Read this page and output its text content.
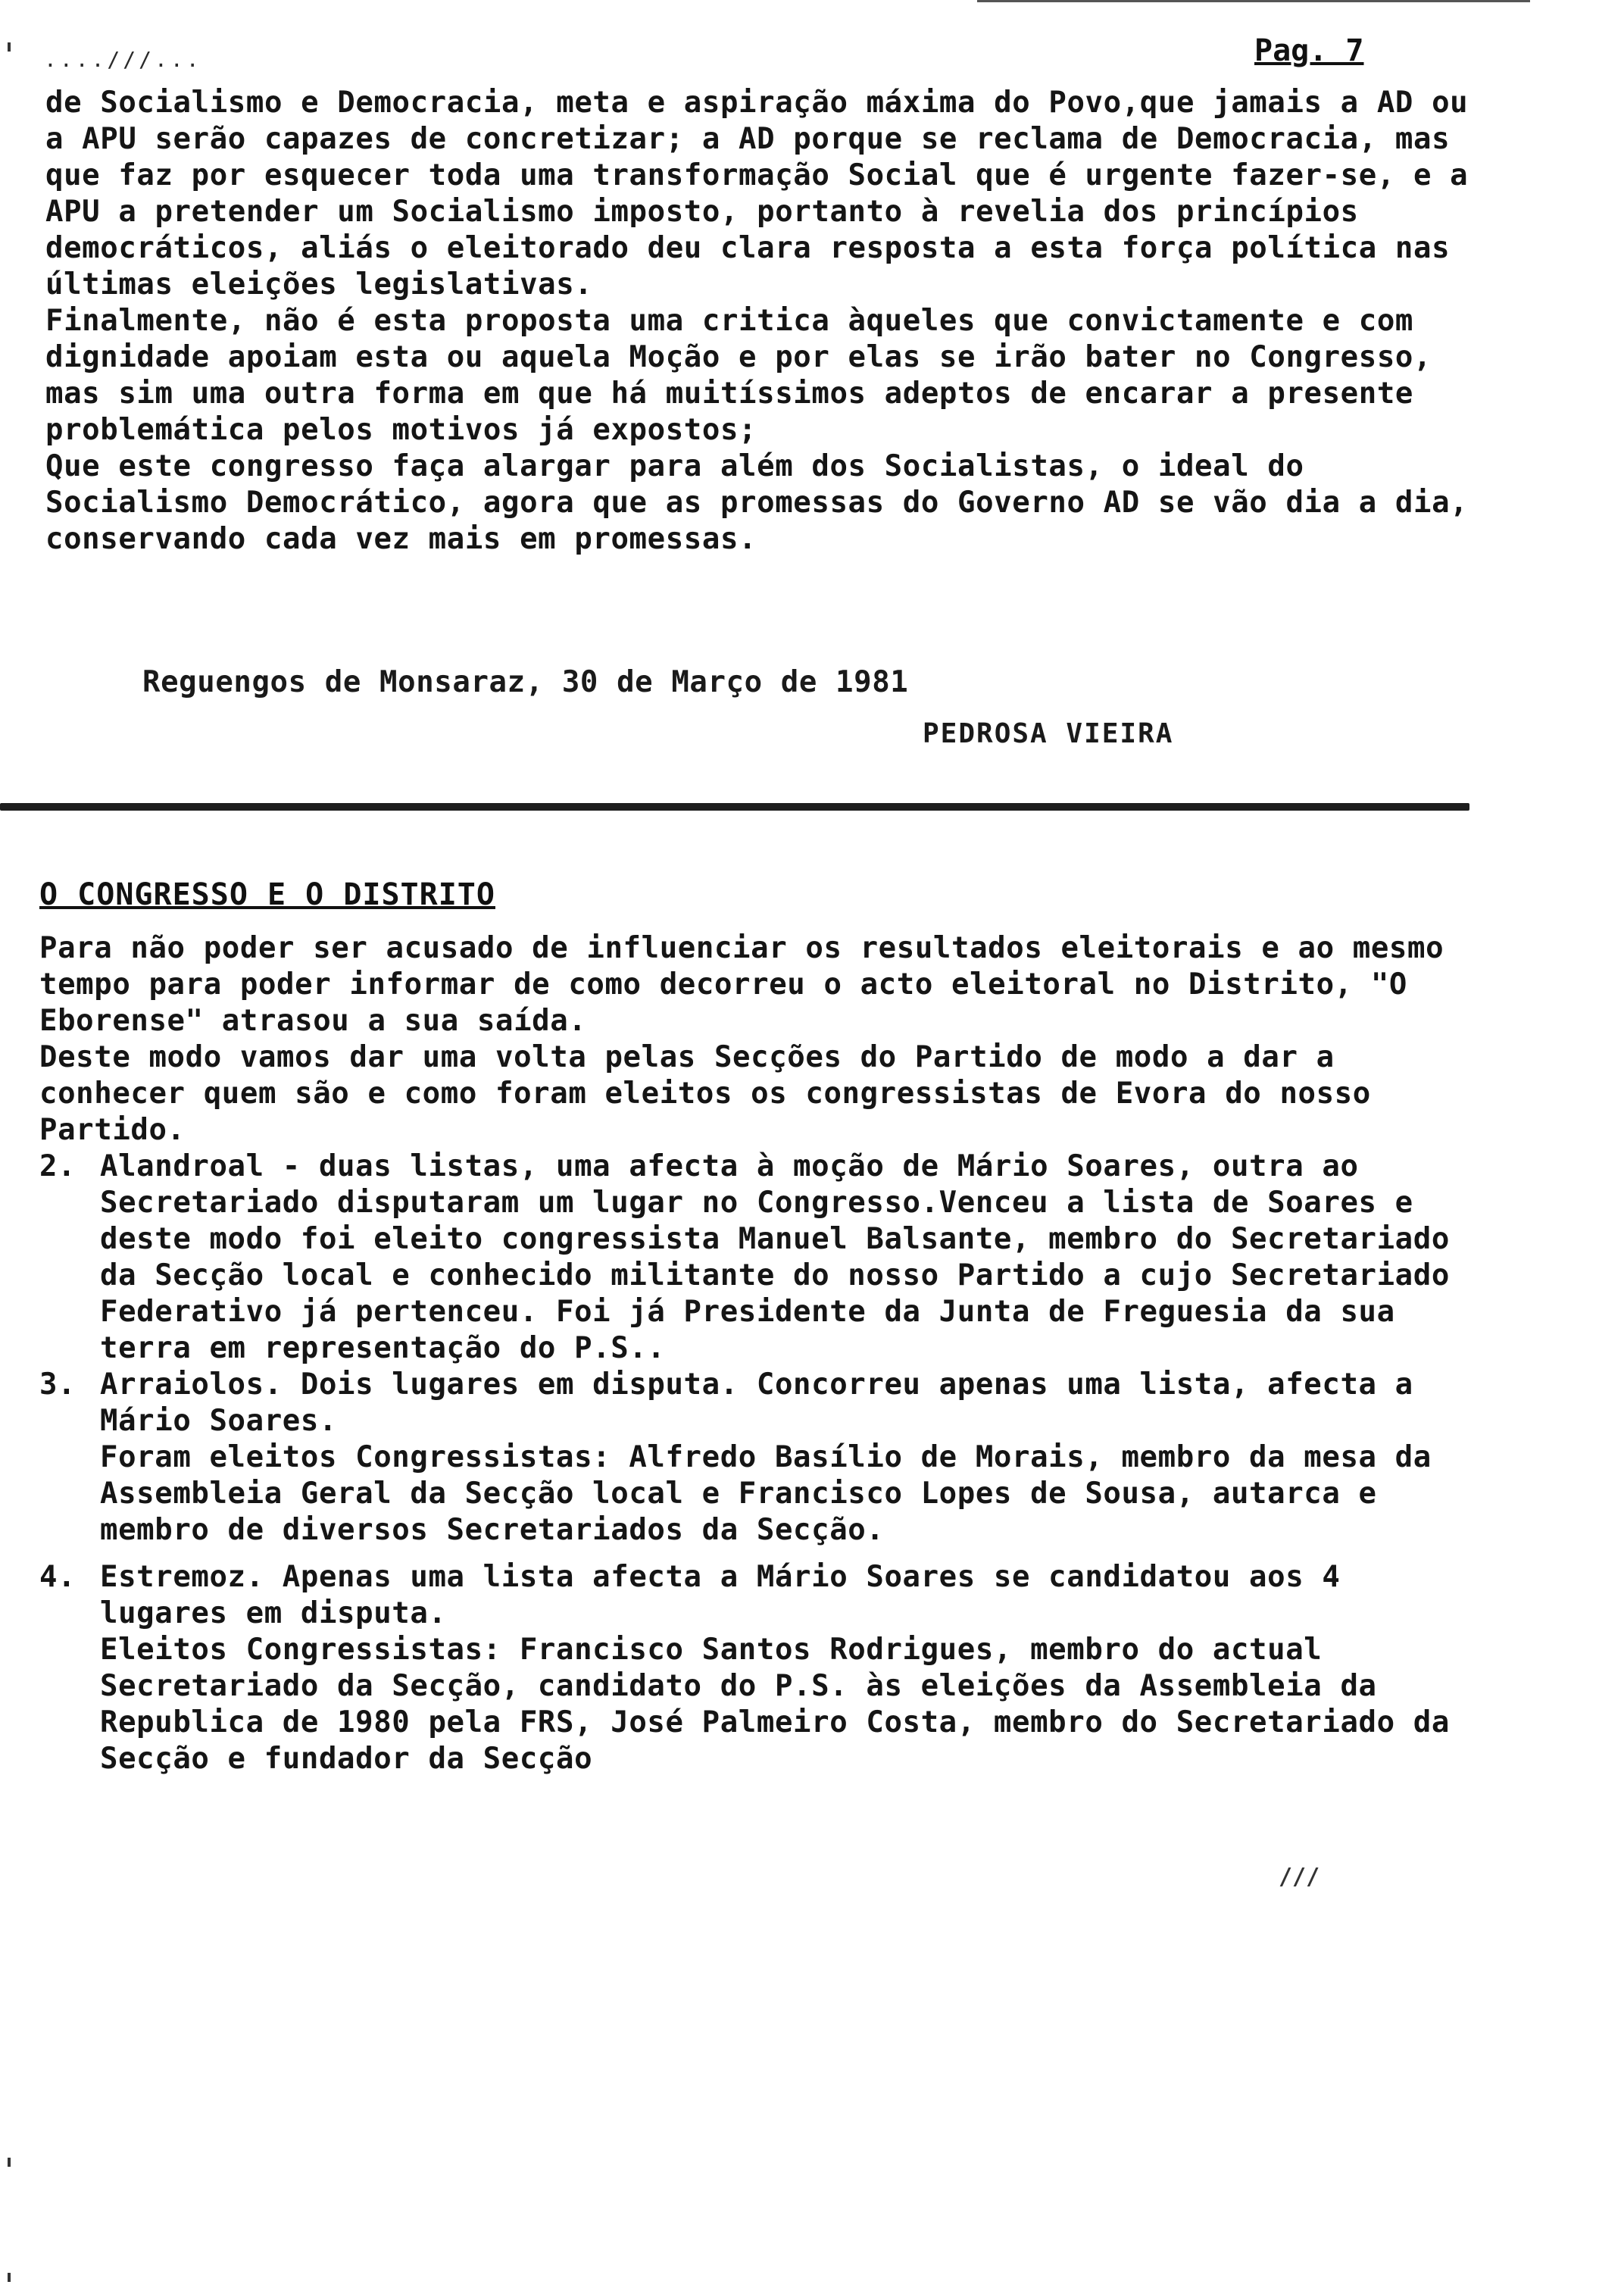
....///...	Pag. 7

de Socialismo e Democracia, meta e aspiração máxima do Povo,que jamais a AD ou a APU serão capazes de concretizar; a AD porque se reclama de Democracia, mas que faz por esquecer toda uma transformação Social que é urgente fazer-se, e a APU a pretender um Socialismo imposto, portanto à revelia dos princípios democráticos, aliás o eleitorado deu clara resposta a esta força política nas últimas eleições legislativas.

Finalmente, não é esta proposta uma critica àqueles que convictamente e com dignidade apoiam esta ou aquela Moção e por elas se irão bater no Congresso, mas sim uma outra forma em que há muitíssimos adeptos de encarar a presente problemática pelos motivos já expostos;

Que este congresso faça alargar para além dos Socialistas, o ideal do Socialismo Democrático, agora que as promessas do Governo AD se vão dia a dia, conservando cada vez mais em promessas.

Reguengos de Monsaraz, 30 de Março de 1981
PEDROSA VIEIRA
O CONGRESSO E O DISTRITO

Para não poder ser acusado de influenciar os resultados eleitorais e ao mesmo tempo para poder informar de como decorreu o acto eleitoral no Distrito, "O Eborense" atrasou a sua saída.

Deste modo vamos dar uma volta pelas Secções do Partido de modo a dar a conhecer quem são e como foram eleitos os congressistas de Evora do nosso Partido.

2. Alandroal - duas listas, uma afecta à moção de Mário Soares, outra ao Secretariado disputaram um lugar no Congresso.Venceu a lista de Soares e deste modo foi eleito congressista Manuel Balsante, membro do Secretariado da Secção local e conhecido militante do nosso Partido a cujo Secretariado Federativo já pertenceu. Foi já Presidente da Junta de Freguesia da sua terra em representação do P.S..
3. Arraiolos. Dois lugares em disputa. Concorreu apenas uma lista, afecta a Mário Soares.
Foram eleitos Congressistas: Alfredo Basílio de Morais, membro da mesa da Assembleia Geral da Secção local e Francisco Lopes de Sousa, autarca e membro de diversos Secretariados da Secção.
4. Estremoz. Apenas uma lista afecta a Mário Soares se candidatou aos 4 lugares em disputa.
Eleitos Congressistas: Francisco Santos Rodrigues, membro do actual Secretariado da Secção, candidato do P.S. às eleições da Assembleia da Republica de 1980 pela FRS, José Palmeiro Costa, membro do Secretariado da Secção e fundador da Secção
///
